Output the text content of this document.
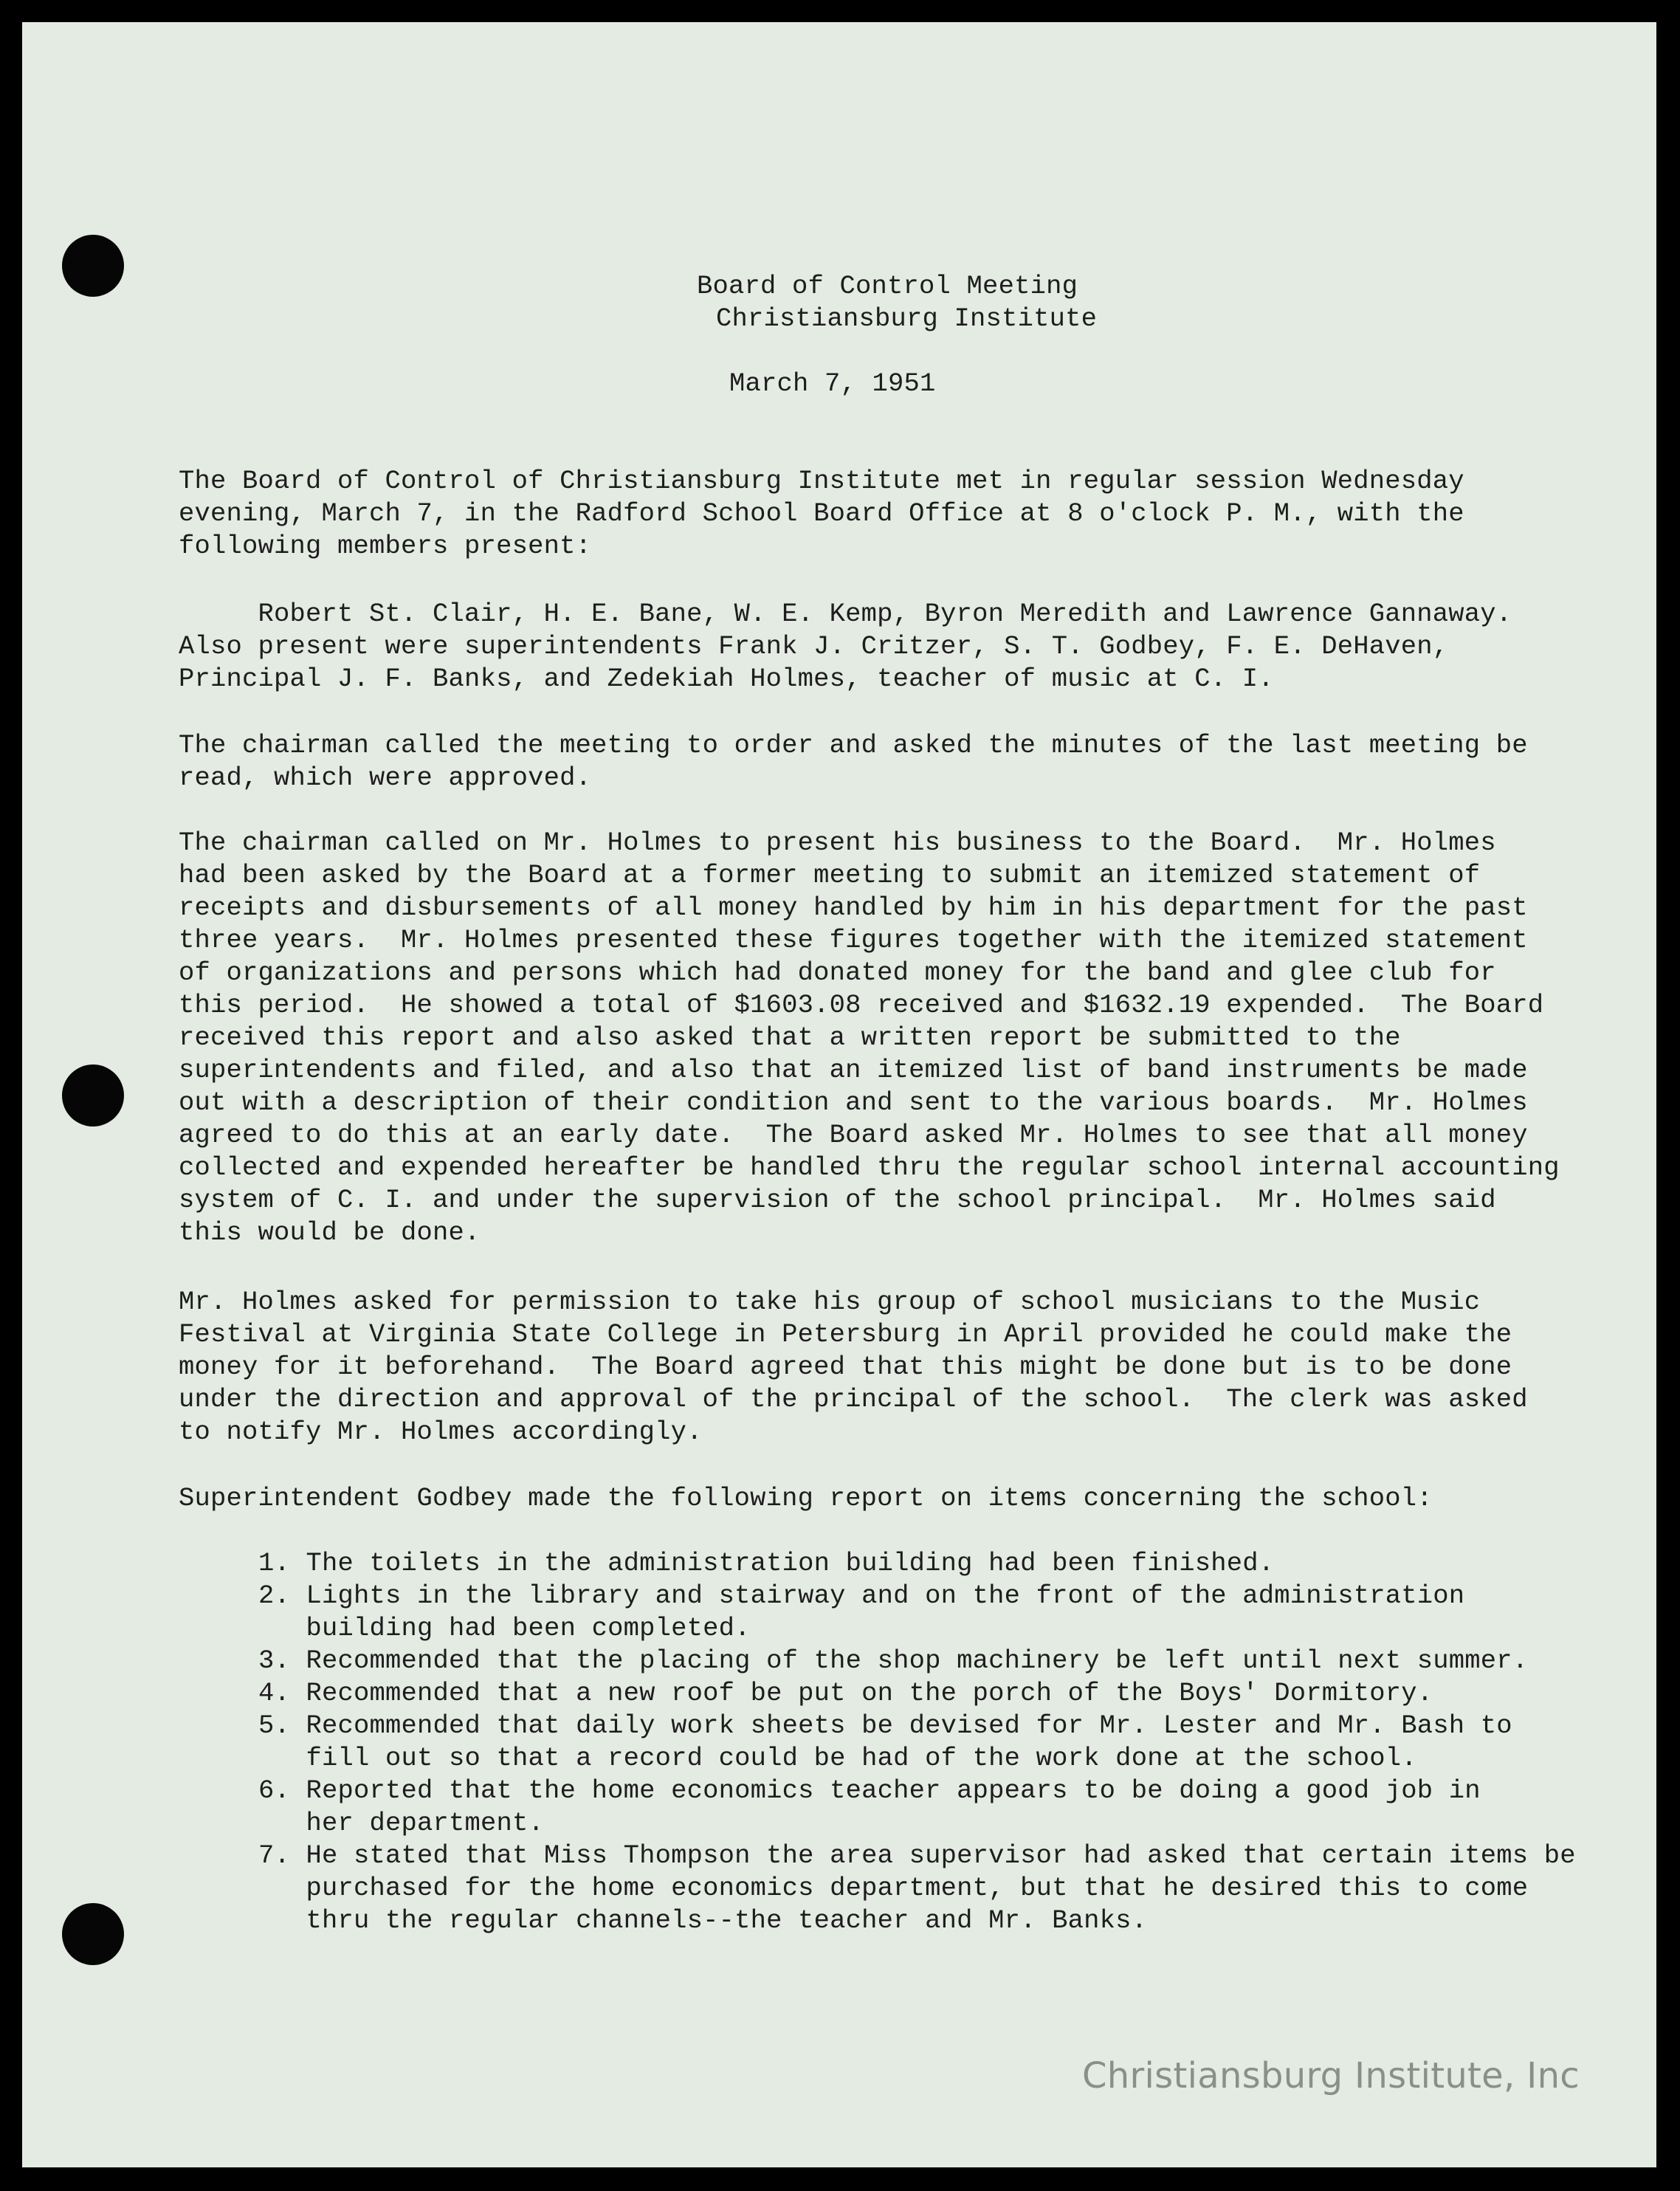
Board of Control Meeting
Christiansburg Institute
March 7, 1951
The Board of Control of Christiansburg Institute met in regular session Wednesday
evening, March 7, in the Radford School Board Office at 8 o'clock P. M., with the
following members present:
Robert St. Clair, H. E. Bane, W. E. Kemp, Byron Meredith and Lawrence Gannaway.
Also present were superintendents Frank J. Critzer, S. T. Godbey, F. E. DeHaven,
Principal J. F. Banks, and Zedekiah Holmes, teacher of music at C. I.
The chairman called the meeting to order and asked the minutes of the last meeting be
read, which were approved.
The chairman called on Mr. Holmes to present his business to the Board.  Mr. Holmes
had been asked by the Board at a former meeting to submit an itemized statement of
receipts and disbursements of all money handled by him in his department for the past
three years.  Mr. Holmes presented these figures together with the itemized statement
of organizations and persons which had donated money for the band and glee club for
this period.  He showed a total of $1603.08 received and $1632.19 expended.  The Board
received this report and also asked that a written report be submitted to the
superintendents and filed, and also that an itemized list of band instruments be made
out with a description of their condition and sent to the various boards.  Mr. Holmes
agreed to do this at an early date.  The Board asked Mr. Holmes to see that all money
collected and expended hereafter be handled thru the regular school internal accounting
system of C. I. and under the supervision of the school principal.  Mr. Holmes said
this would be done.
Mr. Holmes asked for permission to take his group of school musicians to the Music
Festival at Virginia State College in Petersburg in April provided he could make the
money for it beforehand.  The Board agreed that this might be done but is to be done
under the direction and approval of the principal of the school.  The clerk was asked
to notify Mr. Holmes accordingly.
Superintendent Godbey made the following report on items concerning the school:
1. The toilets in the administration building had been finished.
2. Lights in the library and stairway and on the front of the administration
building had been completed.
3. Recommended that the placing of the shop machinery be left until next summer.
4. Recommended that a new roof be put on the porch of the Boys' Dormitory.
5. Recommended that daily work sheets be devised for Mr. Lester and Mr. Bash to
fill out so that a record could be had of the work done at the school.
6. Reported that the home economics teacher appears to be doing a good job in
her department.
7. He stated that Miss Thompson the area supervisor had asked that certain items be
purchased for the home economics department, but that he desired this to come
thru the regular channels--the teacher and Mr. Banks.
Christiansburg Institute, Inc
